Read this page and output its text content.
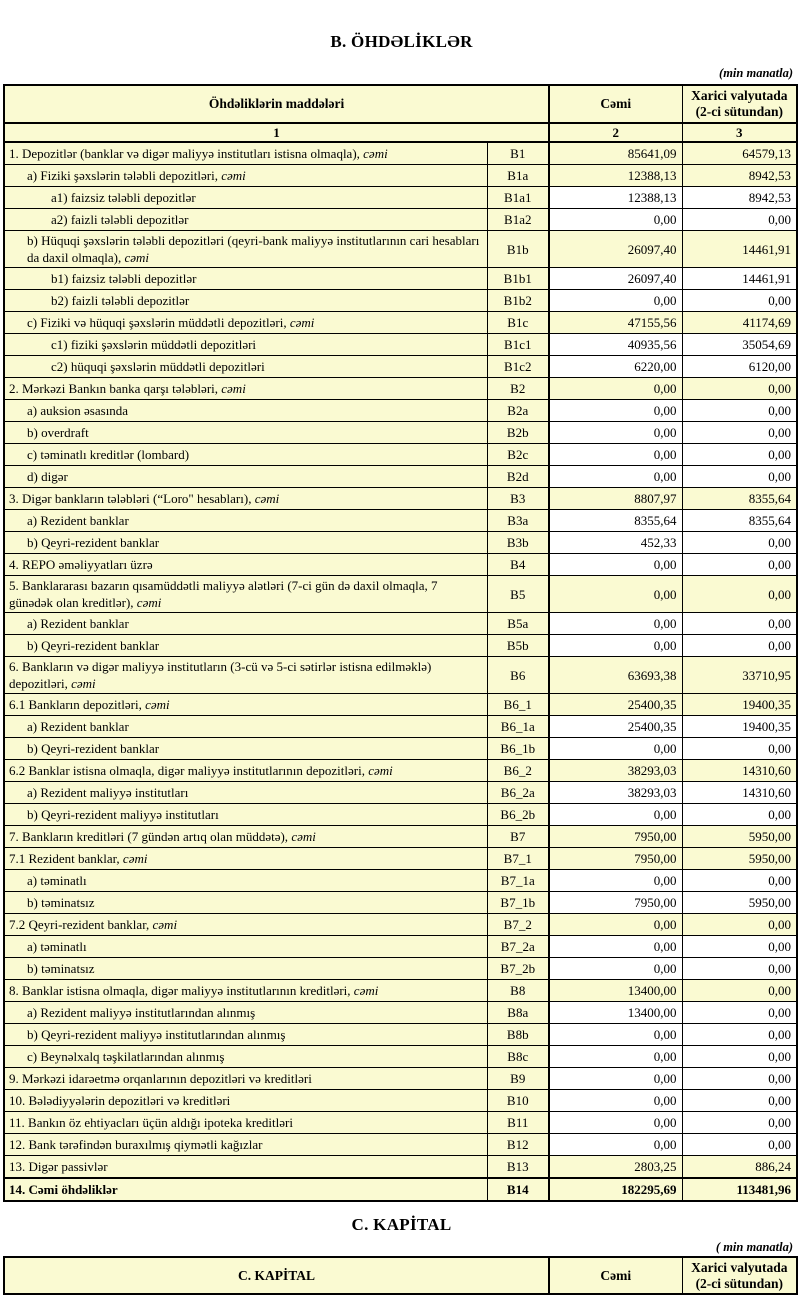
B. ÖHDƏLİKLƏR
(min manatla)
Öhdəliklərin maddələri		Cəmi	Xarici valyutada (2-ci sütundan)
1		2	3
1. Depozitlər (banklar və digər maliyyə institutları istisna olmaqla), cəmi	B1	85641,09	64579,13
a) Fiziki şəxslərin tələbli depozitləri, cəmi	B1a	12388,13	8942,53
a1) faizsiz tələbli depozitlər	B1a1	12388,13	8942,53
a2) faizli tələbli depozitlər	B1a2	0,00	0,00
b) Hüquqi şəxslərin tələbli depozitləri (qeyri-bank maliyyə institutlarının cari hesabları da daxil olmaqla), cəmi	B1b	26097,40	14461,91
b1) faizsiz tələbli depozitlər	B1b1	26097,40	14461,91
b2) faizli tələbli depozitlər	B1b2	0,00	0,00
c) Fiziki və hüquqi şəxslərin müddətli depozitləri, cəmi	B1c	47155,56	41174,69
c1) fiziki şəxslərin müddətli depozitləri	B1c1	40935,56	35054,69
c2) hüquqi şəxslərin müddətli depozitləri	B1c2	6220,00	6120,00
2. Mərkəzi Bankın banka qarşı tələbləri, cəmi	B2	0,00	0,00
a) auksion əsasında	B2a	0,00	0,00
b) overdraft	B2b	0,00	0,00
c) təminatlı kreditlər (lombard)	B2c	0,00	0,00
d) digər	B2d	0,00	0,00
3. Digər bankların tələbləri (“Loro" hesabları), cəmi	B3	8807,97	8355,64
a) Rezident banklar	B3a	8355,64	8355,64
b) Qeyri-rezident banklar	B3b	452,33	0,00
4. REPO əməliyyatları üzrə	B4	0,00	0,00
5. Banklararası bazarın qısamüddətli maliyyə alətləri (7-ci gün də daxil olmaqla, 7 günədək olan kreditlər), cəmi	B5	0,00	0,00
a) Rezident banklar	B5a	0,00	0,00
b) Qeyri-rezident banklar	B5b	0,00	0,00
6. Bankların və digər maliyyə institutların (3-cü və 5-ci sətirlər istisna edilməklə) depozitləri, cəmi	B6	63693,38	33710,95
6.1 Bankların depozitləri, cəmi	B6_1	25400,35	19400,35
a) Rezident banklar	B6_1a	25400,35	19400,35
b) Qeyri-rezident banklar	B6_1b	0,00	0,00
6.2 Banklar istisna olmaqla, digər maliyyə institutlarının depozitləri, cəmi	B6_2	38293,03	14310,60
a) Rezident maliyyə institutları	B6_2a	38293,03	14310,60
b) Qeyri-rezident maliyyə institutları	B6_2b	0,00	0,00
7. Bankların kreditləri (7 gündən artıq olan müddətə), cəmi	B7	7950,00	5950,00
7.1 Rezident banklar, cəmi	B7_1	7950,00	5950,00
a) təminatlı	B7_1a	0,00	0,00
b) təminatsız	B7_1b	7950,00	5950,00
7.2 Qeyri-rezident banklar, cəmi	B7_2	0,00	0,00
a) təminatlı	B7_2a	0,00	0,00
b) təminatsız	B7_2b	0,00	0,00
8. Banklar istisna olmaqla, digər maliyyə institutlarının kreditləri, cəmi	B8	13400,00	0,00
a) Rezident maliyyə institutlarından alınmış	B8a	13400,00	0,00
b) Qeyri-rezident maliyyə institutlarından alınmış	B8b	0,00	0,00
c) Beynəlxalq təşkilatlarından alınmış	B8c	0,00	0,00
9. Mərkəzi idarəetmə orqanlarının depozitləri və kreditləri	B9	0,00	0,00
10. Bələdiyyələrin depozitləri və kreditləri	B10	0,00	0,00
11. Bankın öz ehtiyacları üçün aldığı ipoteka kreditləri	B11	0,00	0,00
12. Bank tərəfindən buraxılmış qiymətli kağızlar	B12	0,00	0,00
13. Digər passivlər	B13	2803,25	886,24
14. Cəmi öhdəliklər	B14	182295,69	113481,96
C. KAPİTAL
( min manatla)
C. KAPİTAL	Cəmi	Xarici valyutada (2-ci sütundan)
